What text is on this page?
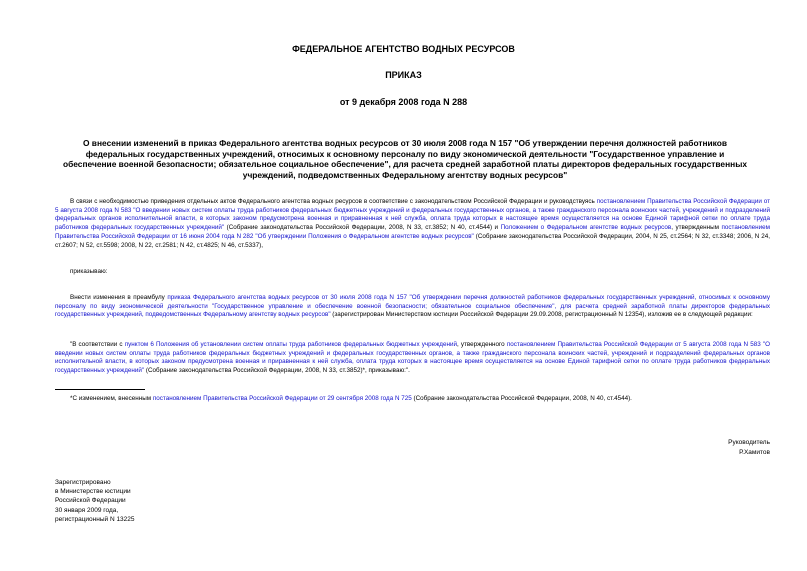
ФЕДЕРАЛЬНОЕ АГЕНТСТВО ВОДНЫХ РЕСУРСОВ
ПРИКАЗ
от 9 декабря 2008 года N 288
О внесении изменений в приказ Федерального агентства водных ресурсов от 30 июля 2008 года N 157 "Об утверждении перечня должностей работников федеральных государственных учреждений, относимых к основному персоналу по виду экономической деятельности "Государственное управление и обеспечение военной безопасности; обязательное социальное обеспечение", для расчета средней заработной платы директоров федеральных государственных учреждений, подведомственных Федеральному агентству водных ресурсов"
В связи с необходимостью приведения отдельных актов Федерального агентства водных ресурсов в соответствие с законодательством Российской Федерации и руководствуясь постановлением Правительства Российской Федерации от 5 августа 2008 года N 583 "О введении новых систем оплаты труда работников федеральных бюджетных учреждений и федеральных государственных органов, а также гражданского персонала воинских частей, учреждений и подразделений федеральных органов исполнительной власти, в которых законом предусмотрена военная и приравненная к ней служба, оплата труда которых в настоящее время осуществляется на основе Единой тарифной сетки по оплате труда работников федеральных государственных учреждений" (Собрание законодательства Российской Федерации, 2008, N 33, ст.3852; N 40, ст.4544) и Положением о Федеральном агентстве водных ресурсов, утвержденным постановлением Правительства Российской Федерации от 16 июня 2004 года N 282 "Об утверждении Положения о Федеральном агентстве водных ресурсов" (Собрание законодательства Российской Федерации, 2004, N 25, ст.2564; N 32, ст.3348; 2006, N 24, ст.2607; N 52, ст.5598; 2008, N 22, ст.2581; N 42, ст.4825; N 46, ст.5337),
приказываю:
Внести изменения в преамбулу приказа Федерального агентства водных ресурсов от 30 июля 2008 года N 157 "Об утверждении перечня должностей работников федеральных государственных учреждений, относимых к основному персоналу по виду экономической деятельности "Государственное управление и обеспечение военной безопасности; обязательное социальное обеспечение", для расчета средней заработной платы директоров федеральных государственных учреждений, подведомственных Федеральному агентству водных ресурсов" (зарегистрирован Министерством юстиции Российской Федерации 29.09.2008, регистрационный N 12354), изложив ее в следующей редакции:
"В соответствии с пунктом 6 Положения об установлении систем оплаты труда работников федеральных бюджетных учреждений, утвержденного постановлением Правительства Российской Федерации от 5 августа 2008 года N 583 "О введении новых систем оплаты труда работников федеральных бюджетных учреждений и федеральных государственных органов, а также гражданского персонала воинских частей, учреждений и подразделений федеральных органов исполнительной власти, в которых законом предусмотрена военная и приравненная к ней служба, оплата труда которых в настоящее время осуществляется на основе Единой тарифной сетки по оплате труда работников федеральных государственных учреждений" (Собрание законодательства Российской Федерации, 2008, N 33, ст.3852)*, приказываю:".
*С изменением, внесенным постановлением Правительства Российской Федерации от 29 сентября 2008 года N 725 (Собрание законодательства Российской Федерации, 2008, N 40, ст.4544).
Руководитель
Р.Хамитов
Зарегистрировано
в Министерстве юстиции
Российской Федерации
30 января 2009 года,
регистрационный N 13225
